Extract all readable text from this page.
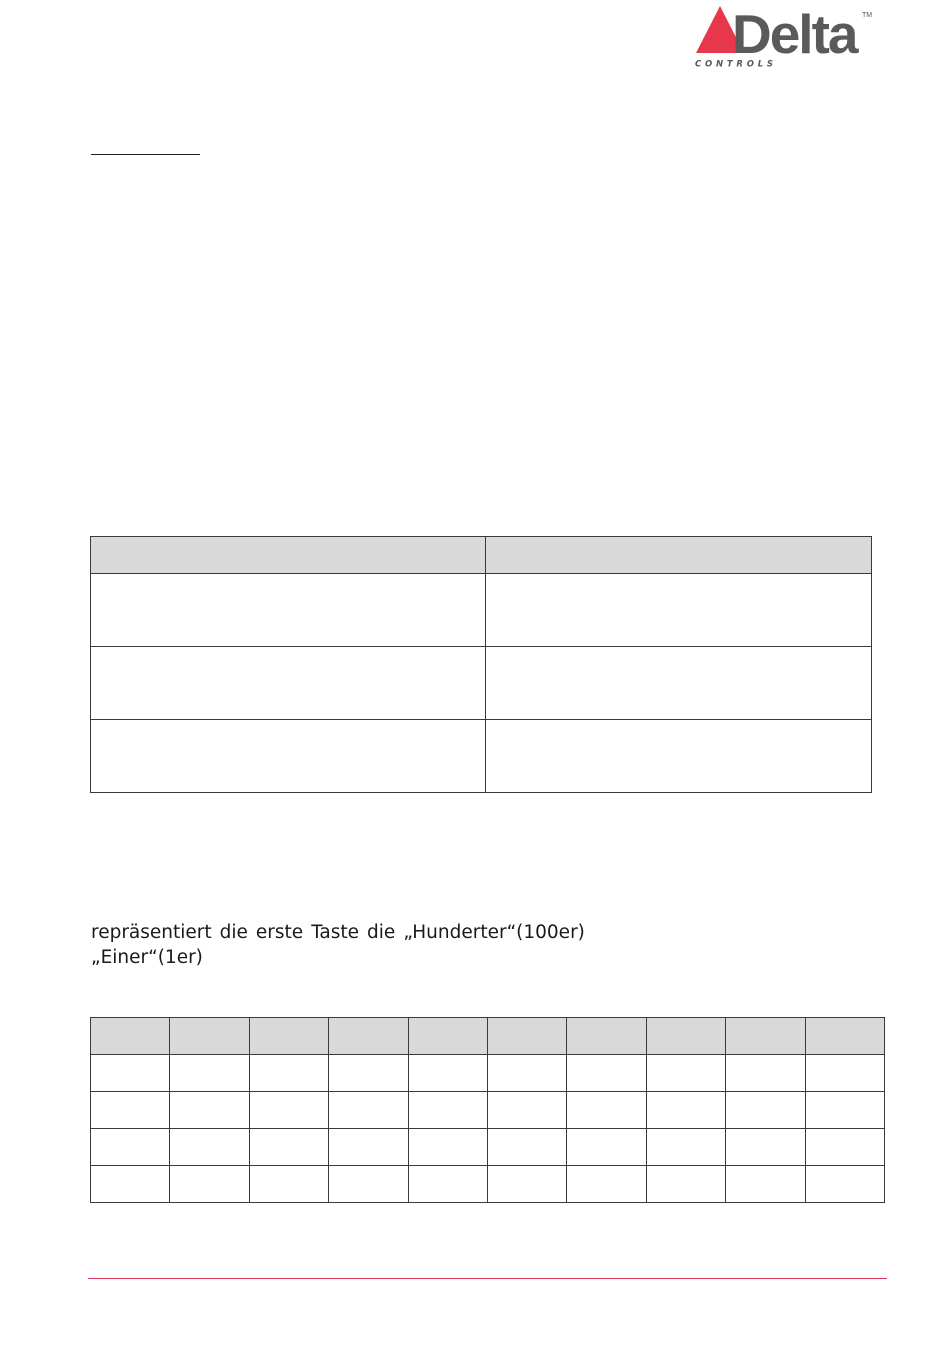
Delta TM
C O N T R O L S

repräsentiert die erste Taste die „Hunderter“(100er)
„Einer“(1er)
